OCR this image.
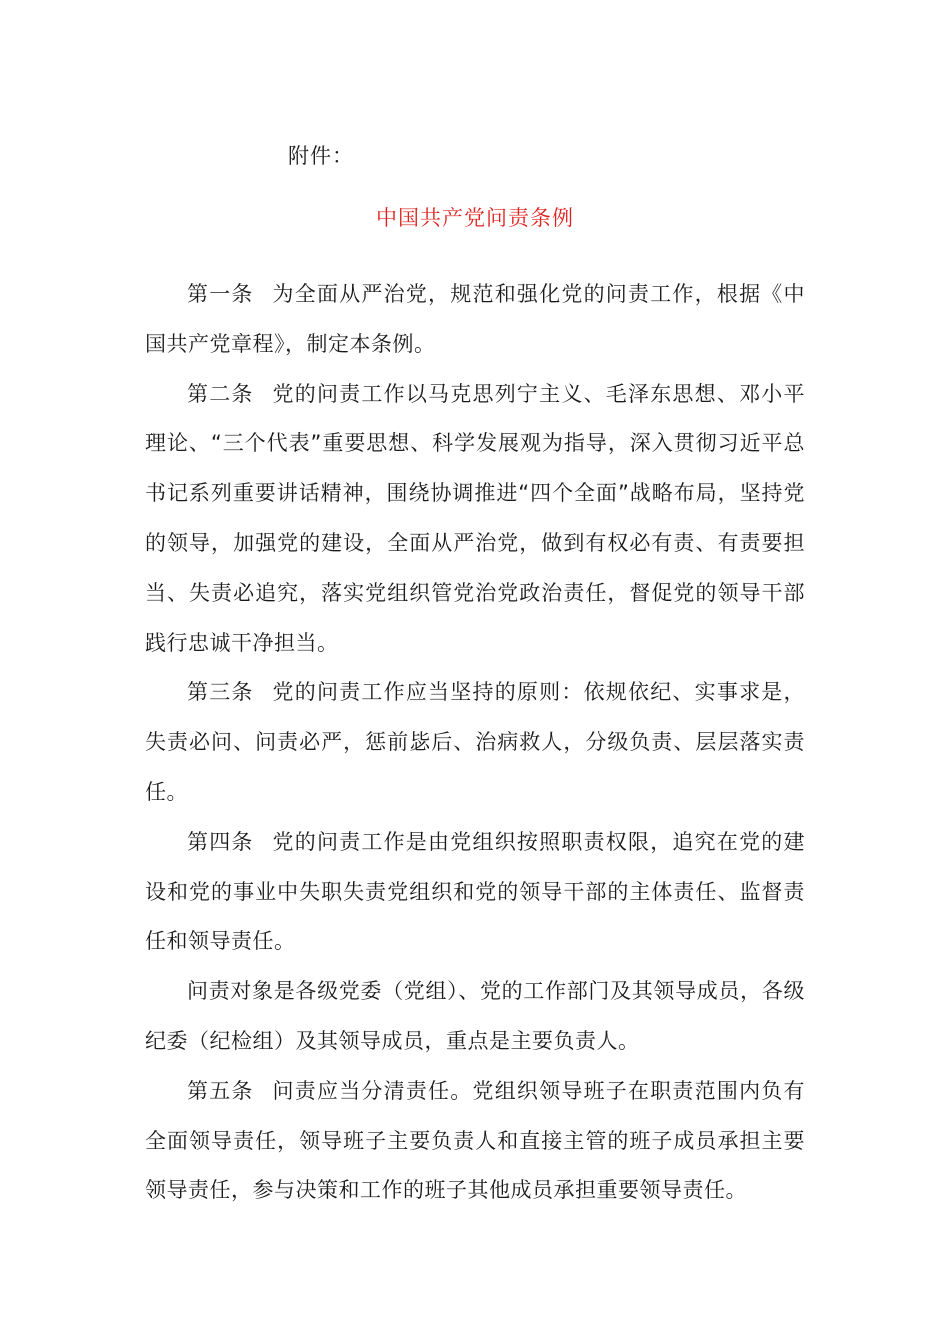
附件：
中国共产党问责条例

第一条 为全面从严治党，规范和强化党的问责工作，根据《中国共产党章程》，制定本条例。

第二条 党的问责工作以马克思列宁主义、毛泽东思想、邓小平理论、“三个代表”重要思想、科学发展观为指导，深入贯彻习近平总书记系列重要讲话精神，围绕协调推进“四个全面”战略布局，坚持党的领导，加强党的建设，全面从严治党，做到有权必有责、有责要担当、失责必追究，落实党组织管党治党政治责任，督促党的领导干部践行忠诚干净担当。

第三条 党的问责工作应当坚持的原则：依规依纪、实事求是，失责必问、问责必严，惩前毖后、治病救人，分级负责、层层落实责任。

第四条 党的问责工作是由党组织按照职责权限，追究在党的建设和党的事业中失职失责党组织和党的领导干部的主体责任、监督责任和领导责任。

问责对象是各级党委（党组）、党的工作部门及其领导成员，各级纪委（纪检组）及其领导成员，重点是主要负责人。

第五条 问责应当分清责任。党组织领导班子在职责范围内负有全面领导责任，领导班子主要负责人和直接主管的班子成员承担主要领导责任，参与决策和工作的班子其他成员承担重要领导责任。
